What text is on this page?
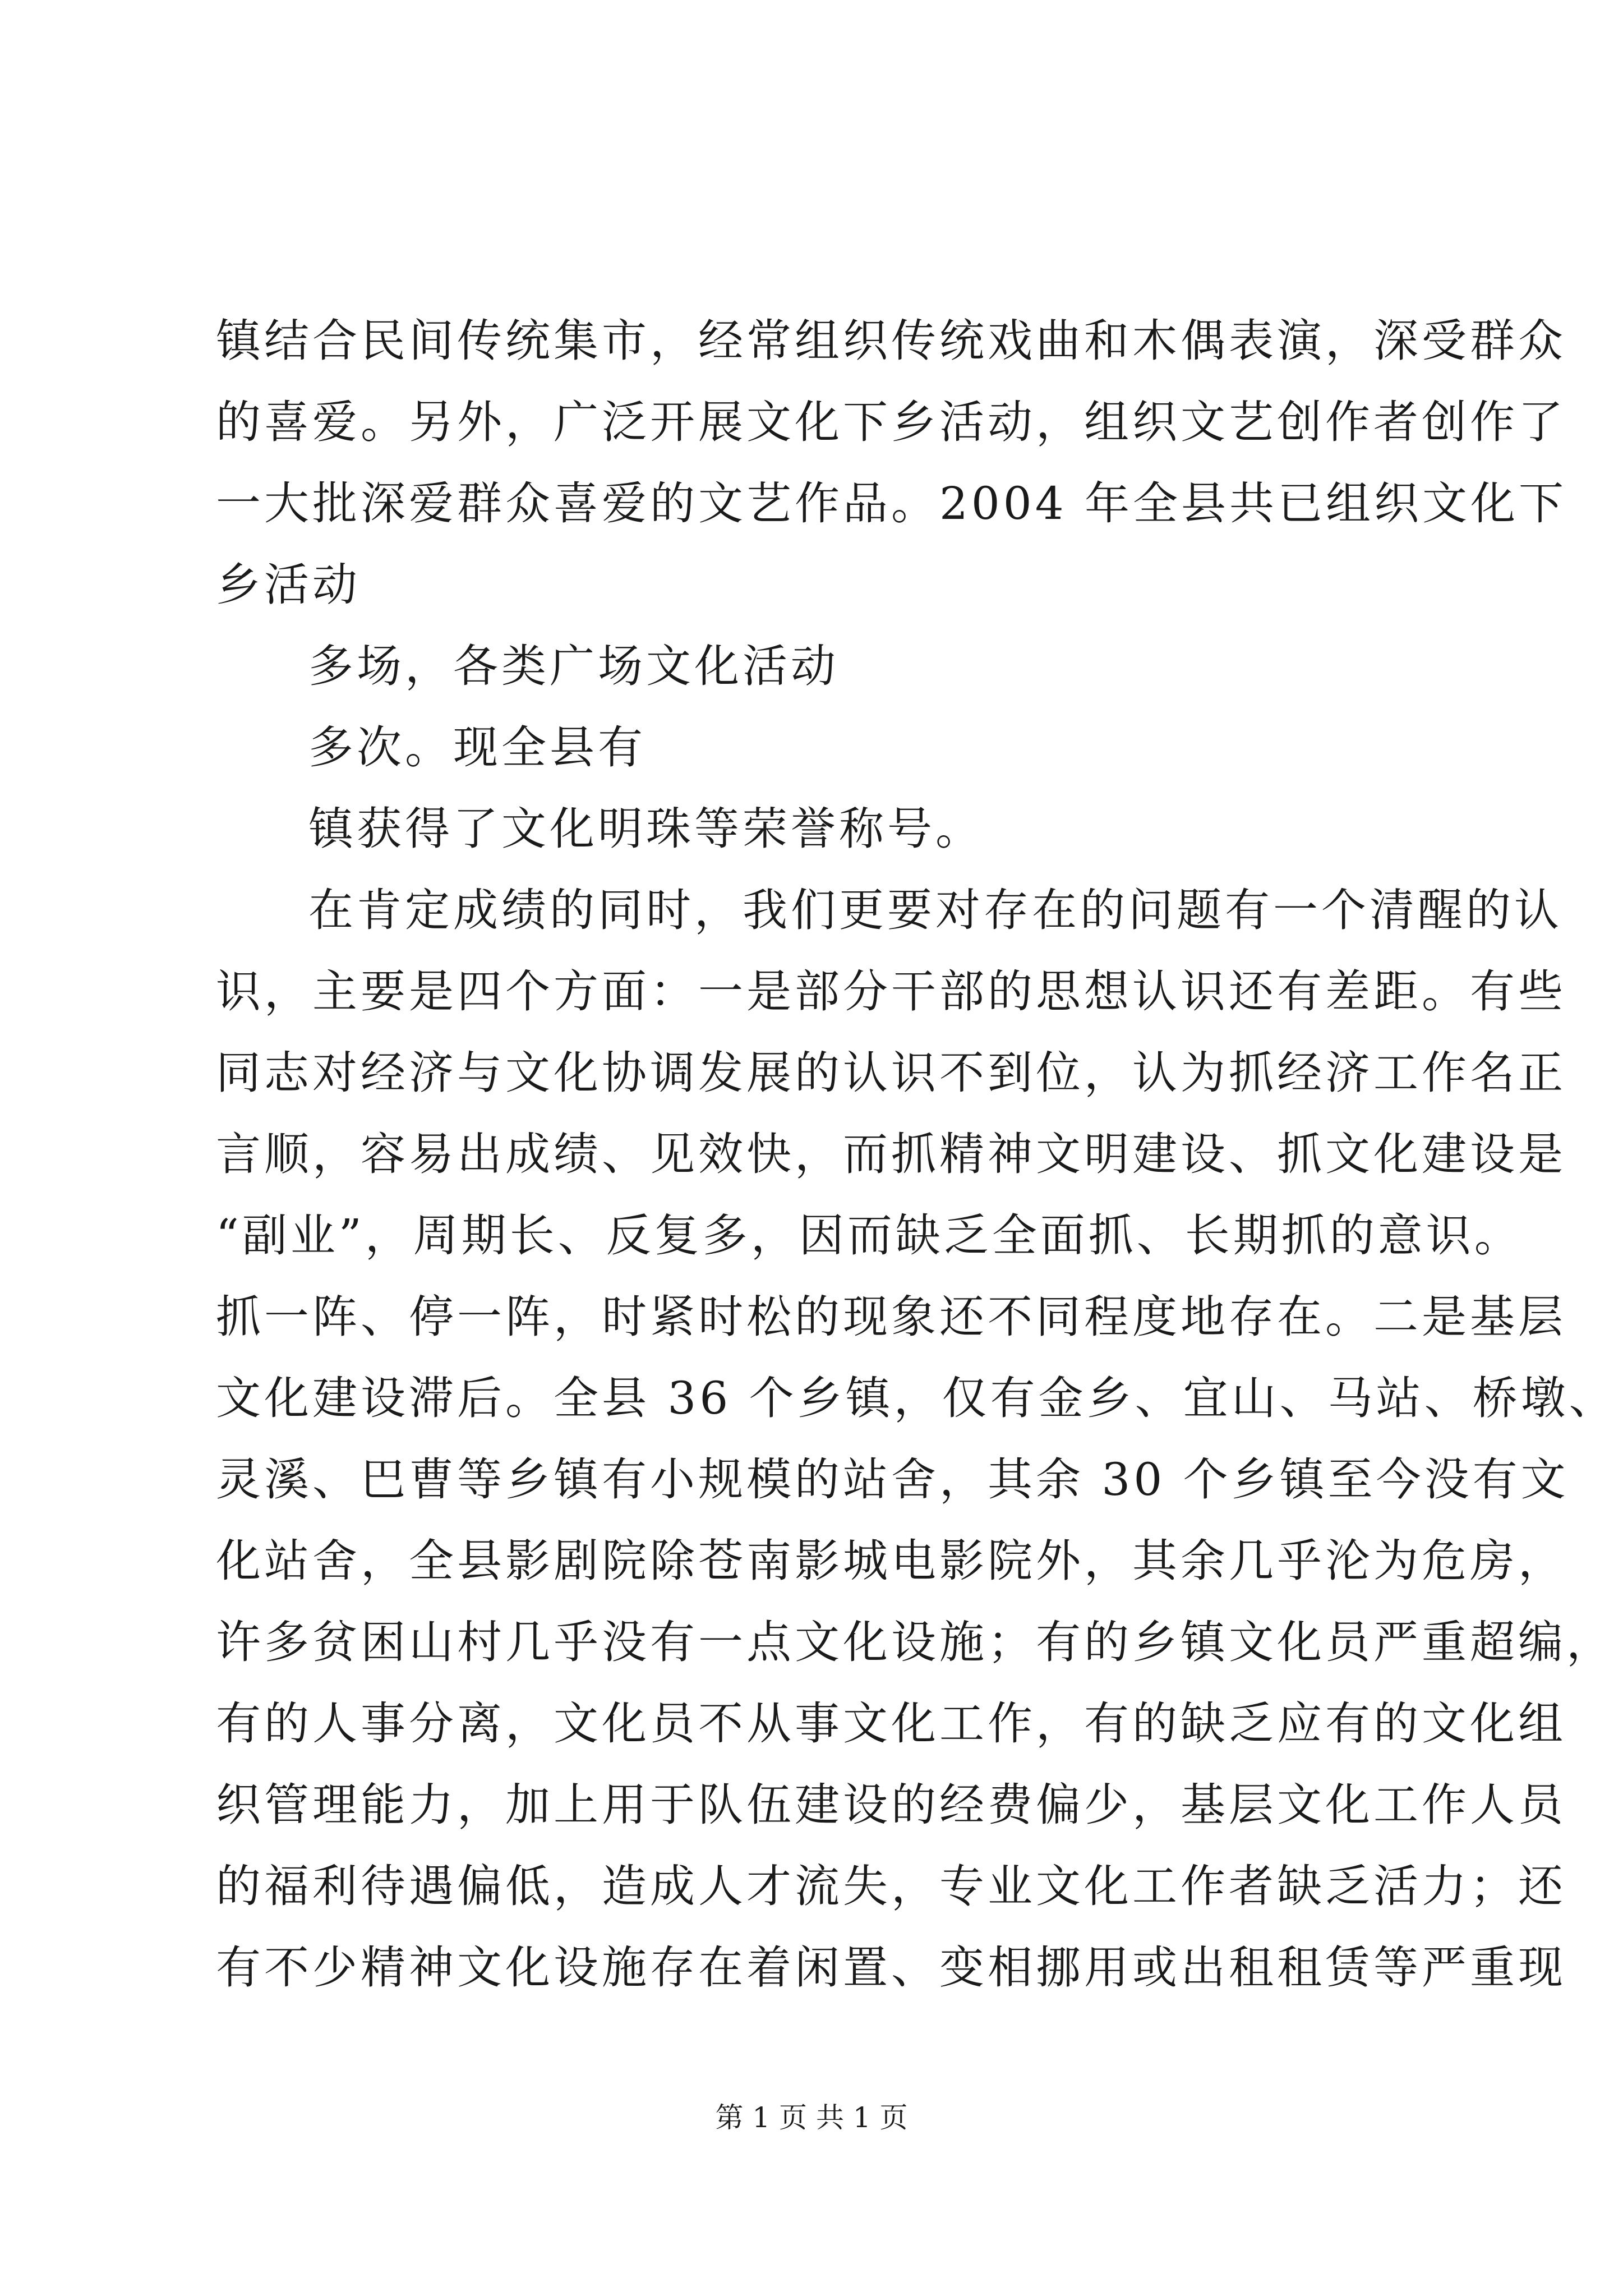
镇结合民间传统集市，经常组织传统戏曲和木偶表演，深受群众
的喜爱。另外，广泛开展文化下乡活动，组织文艺创作者创作了
一大批深爱群众喜爱的文艺作品。2004 年全县共已组织文化下
乡活动
多场，各类广场文化活动
多次。现全县有
镇获得了文化明珠等荣誉称号。
在肯定成绩的同时，我们更要对存在的问题有一个清醒的认
识，主要是四个方面：一是部分干部的思想认识还有差距。有些
同志对经济与文化协调发展的认识不到位，认为抓经济工作名正
言顺，容易出成绩、见效快，而抓精神文明建设、抓文化建设是
“副业”，周期长、反复多，因而缺乏全面抓、长期抓的意识。
抓一阵、停一阵，时紧时松的现象还不同程度地存在。二是基层
文化建设滞后。全县 36 个乡镇，仅有金乡、宜山、马站、桥墩、
灵溪、巴曹等乡镇有小规模的站舍，其余 30 个乡镇至今没有文
化站舍，全县影剧院除苍南影城电影院外，其余几乎沦为危房，
许多贫困山村几乎没有一点文化设施；有的乡镇文化员严重超编，
有的人事分离，文化员不从事文化工作，有的缺乏应有的文化组
织管理能力，加上用于队伍建设的经费偏少，基层文化工作人员
的福利待遇偏低，造成人才流失，专业文化工作者缺乏活力；还
有不少精神文化设施存在着闲置、变相挪用或出租租赁等严重现
第 1 页 共 1 页
